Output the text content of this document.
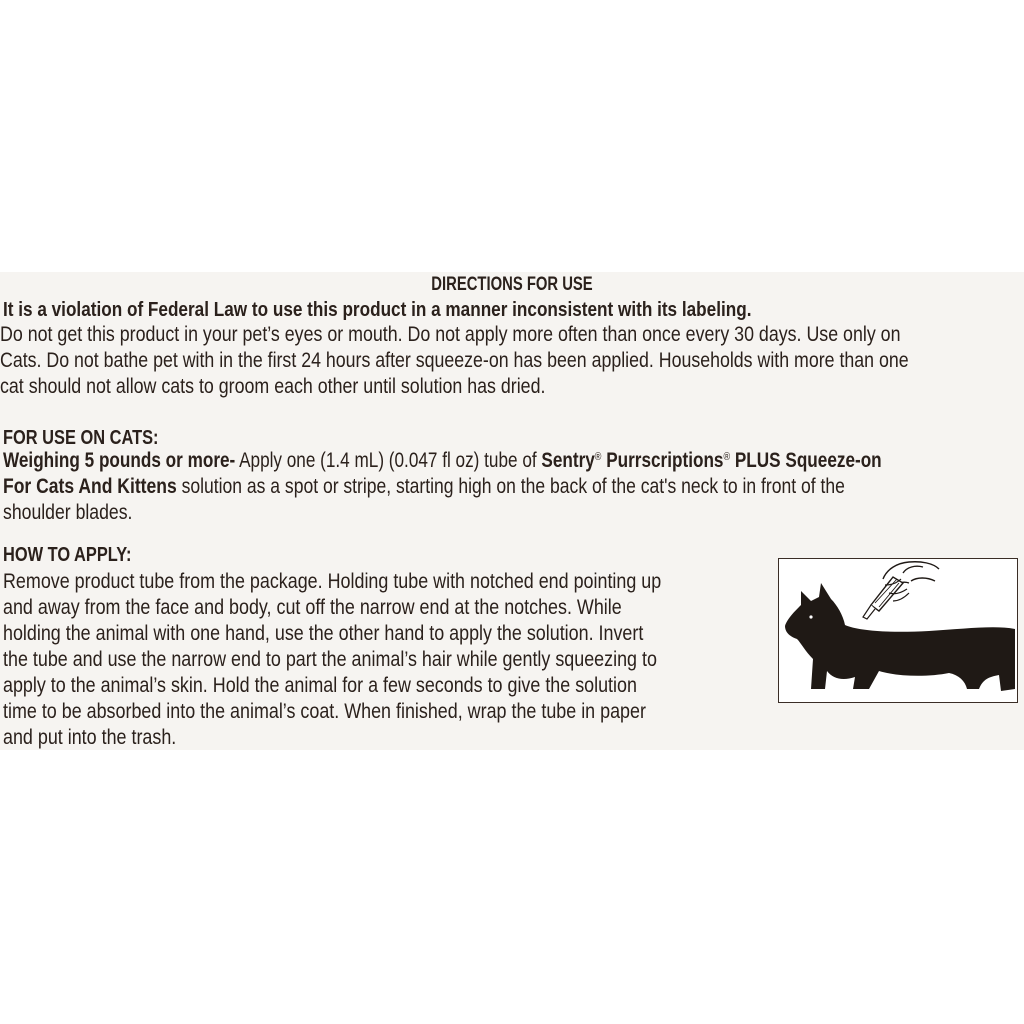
DIRECTIONS FOR USE
It is a violation of Federal Law to use this product in a manner inconsistent with its labeling.
Do not get this product in your pet’s eyes or mouth. Do not apply more often than once every 30 days. Use only on
Cats. Do not bathe pet with in the first 24 hours after squeeze-on has been applied. Households with more than one
cat should not allow cats to groom each other until solution has dried.
FOR USE ON CATS:
Weighing 5 pounds or more- Apply one (1.4 mL) (0.047 fl oz) tube of Sentry® Purrscriptions® PLUS Squeeze-on
For Cats And Kittens solution as a spot or stripe, starting high on the back of the cat's neck to in front of the
shoulder blades.
HOW TO APPLY:
Remove product tube from the package. Holding tube with notched end pointing up
and away from the face and body, cut off the narrow end at the notches. While
holding the animal with one hand, use the other hand to apply the solution. Invert
the tube and use the narrow end to part the animal’s hair while gently squeezing to
apply to the animal’s skin. Hold the animal for a few seconds to give the solution
time to be absorbed into the animal’s coat. When finished, wrap the tube in paper
and put into the trash.
